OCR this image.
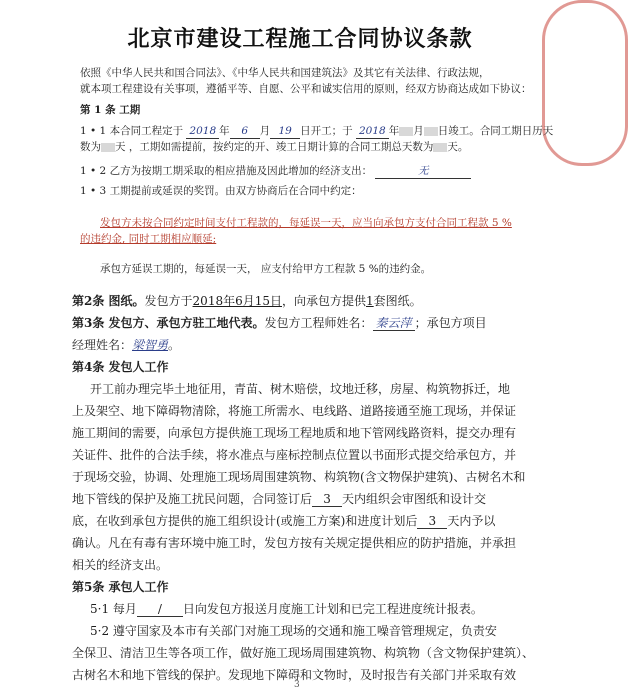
北京市建设工程施工合同协议条款
依照《中华人民共和国合同法》、《中华人民共和国建筑法》及其它有关法律、行政法规，
就本项工程建设有关事项，遵循平等、自愿、公平和诚实信用的原则，经双方协商达成如下协议：
第 1 条 工期
1 • 1 本合同工程定于 2018 年 6 月 19 日开工；于 2018 年 月 日竣工。合同工期日历天
数为 天 ，工期如需提前，按约定的开、竣工日期计算的合同工期总天数为 天。
1 • 2 乙方为按期工期采取的相应措施及因此增加的经济支出：	无
1 • 3 工期提前或延误的奖罚。由双方协商后在合同中约定：
发包方未按合同约定时间支付工程款的，每延误一天，应当向承包方支付合同工程款 5 %
的违约金, 同时工期相应顺延;
承包方延误工期的，每延误一天， 应支付给甲方工程款 5 %的违约金。
第2条 图纸。发包方于2018年6月15日，向承包方提供1套图纸。
第3条 发包方、承包方驻工地代表。发包方工程师姓名： 秦云萍 ；承包方项目
经理姓名：梁智勇。
第4条 发包人工作
开工前办理完毕土地征用，青苗、树木赔偿，坟地迁移，房屋、构筑物拆迁，地
上及架空、地下障碍物清除，将施工所需水、电线路、道路接通至施工现场，并保证
施工期间的需要，向承包方提供施工现场工程地质和地下管网线路资料，提交办理有
关证件、批件的合法手续，将水准点与座标控制点位置以书面形式提交给承包方，并
于现场交验，协调、处理施工现场周围建筑物、构筑物(含文物保护建筑)、古树名木和
地下管线的保护及施工扰民问题，合同签订后 3 天内组织会审图纸和设计交
底，在收到承包方提供的施工组织设计(或施工方案)和进度计划后 3 天内予以
确认。凡在有毒有害环境中施工时，发包方按有关规定提供相应的防护措施，并承担
相关的经济支出。
第5条 承包人工作
5·1 每月 / 日向发包方报送月度施工计划和已完工程进度统计报表。
5·2 遵守国家及本市有关部门对施工现场的交通和施工噪音管理规定，负责安
全保卫、清洁卫生等各项工作，做好施工现场周围建筑物、构筑物（含文物保护建筑）、
古树名木和地下管线的保护。发现地下障碍和文物时，及时报告有关部门并采取有效
3
